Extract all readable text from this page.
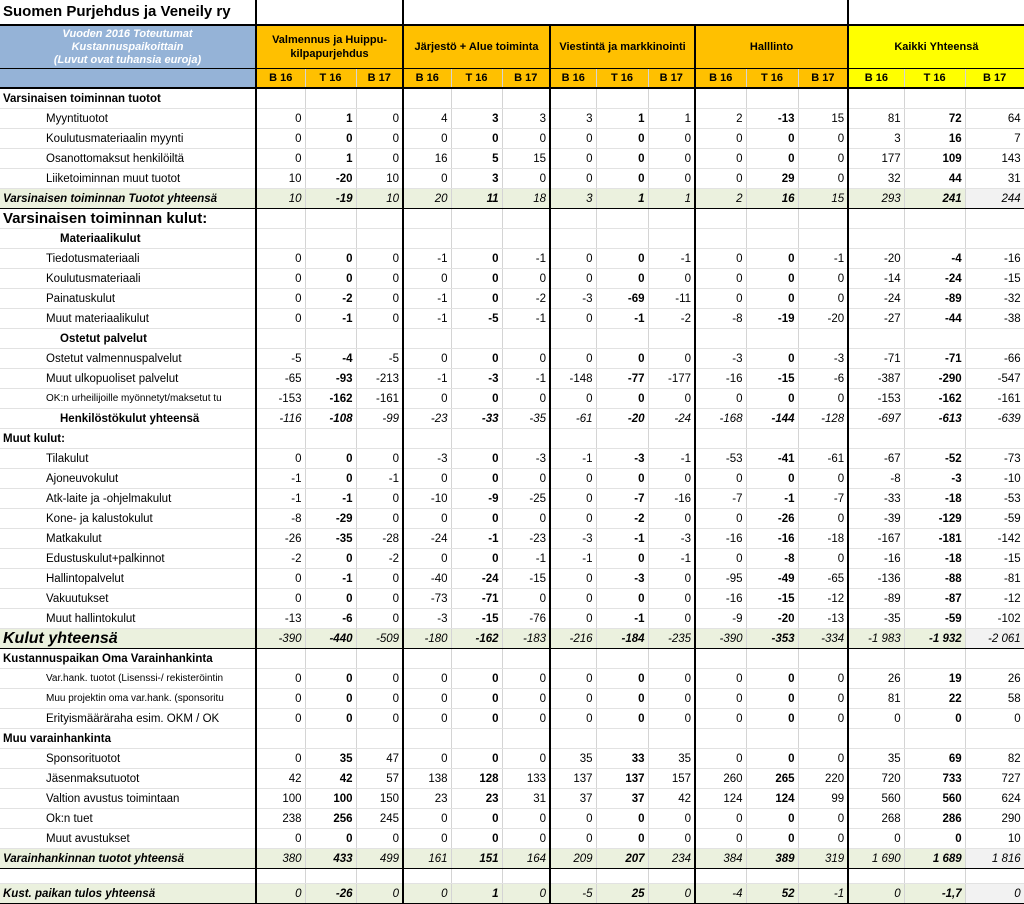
Suomen Purjehdus ja Veneily ry															

Vuoden 2016 Toteutumat
Kustannuspaikoittain
(Luvut ovat tuhansia euroja)	Valmennus ja Huippu-kilpapurjehdus			Järjestö + Alue toiminta			Viestintä ja markkinointi			Halllinto			Kaikki Yhteensä		
	B 16	T 16	B 17	B 16	T 16	B 17	B 16	T 16	B 17	B 16	T 16	B 17	B 16	T 16	B 17
Varsinaisen toiminnan tuotot															
Myyntituotot	0	1	0	4	3	3	3	1	1	2	-13	15	81	72	64
Koulutusmateriaalin myynti	0	0	0	0	0	0	0	0	0	0	0	0	3	16	7
Osanottomaksut henkilöiltä	0	1	0	16	5	15	0	0	0	0	0	0	177	109	143
Liiketoiminnan muut tuotot	10	-20	10	0	3	0	0	0	0	0	29	0	32	44	31
Varsinaisen toiminnan Tuotot yhteensä	10	-19	10	20	11	18	3	1	1	2	16	15	293	241	244
Varsinaisen toiminnan kulut:															
Materiaalikulut															
Tiedotusmateriaali	0	0	0	-1	0	-1	0	0	-1	0	0	-1	-20	-4	-16
Koulutusmateriaali	0	0	0	0	0	0	0	0	0	0	0	0	-14	-24	-15
Painatuskulut	0	-2	0	-1	0	-2	-3	-69	-11	0	0	0	-24	-89	-32
Muut materiaalikulut	0	-1	0	-1	-5	-1	0	-1	-2	-8	-19	-20	-27	-44	-38
Ostetut palvelut															
Ostetut valmennuspalvelut	-5	-4	-5	0	0	0	0	0	0	-3	0	-3	-71	-71	-66
Muut ulkopuoliset palvelut	-65	-93	-213	-1	-3	-1	-148	-77	-177	-16	-15	-6	-387	-290	-547
OK:n urheilijoille myönnetyt/maksetut tu	-153	-162	-161	0	0	0	0	0	0	0	0	0	-153	-162	-161
Henkilöstökulut yhteensä	-116	-108	-99	-23	-33	-35	-61	-20	-24	-168	-144	-128	-697	-613	-639
Muut kulut:															
Tilakulut	0	0	0	-3	0	-3	-1	-3	-1	-53	-41	-61	-67	-52	-73
Ajoneuvokulut	-1	0	-1	0	0	0	0	0	0	0	0	0	-8	-3	-10
Atk-laite ja -ohjelmakulut	-1	-1	0	-10	-9	-25	0	-7	-16	-7	-1	-7	-33	-18	-53
Kone- ja kalustokulut	-8	-29	0	0	0	0	0	-2	0	0	-26	0	-39	-129	-59
Matkakulut	-26	-35	-28	-24	-1	-23	-3	-1	-3	-16	-16	-18	-167	-181	-142
Edustuskulut+palkinnot	-2	0	-2	0	0	-1	-1	0	-1	0	-8	0	-16	-18	-15
Hallintopalvelut	0	-1	0	-40	-24	-15	0	-3	0	-95	-49	-65	-136	-88	-81
Vakuutukset	0	0	0	-73	-71	0	0	0	0	-16	-15	-12	-89	-87	-12
Muut hallintokulut	-13	-6	0	-3	-15	-76	0	-1	0	-9	-20	-13	-35	-59	-102
Kulut yhteensä	-390	-440	-509	-180	-162	-183	-216	-184	-235	-390	-353	-334	-1 983	-1 932	-2 061
Kustannuspaikan Oma Varainhankinta															
Var.hank. tuotot (Lisenssi-/ rekisteröintin	0	0	0	0	0	0	0	0	0	0	0	0	26	19	26
Muu projektin oma var.hank. (sponsoritu	0	0	0	0	0	0	0	0	0	0	0	0	81	22	58
Erityismääräraha esim. OKM / OK	0	0	0	0	0	0	0	0	0	0	0	0	0	0	0
Muu varainhankinta															
Sponsorituotot	0	35	47	0	0	0	35	33	35	0	0	0	35	69	82
Jäsenmaksutuotot	42	42	57	138	128	133	137	137	157	260	265	220	720	733	727
Valtion avustus toimintaan	100	100	150	23	23	31	37	37	42	124	124	99	560	560	624
Ok:n tuet	238	256	245	0	0	0	0	0	0	0	0	0	268	286	290
Muut avustukset	0	0	0	0	0	0	0	0	0	0	0	0	0	0	10
Varainhankinnan tuotot yhteensä	380	433	499	161	151	164	209	207	234	384	389	319	1 690	1 689	1 816

Kust. paikan tulos yhteensä	0	-26	0	0	1	0	-5	25	0	-4	52	-1	0	-1,7	0
